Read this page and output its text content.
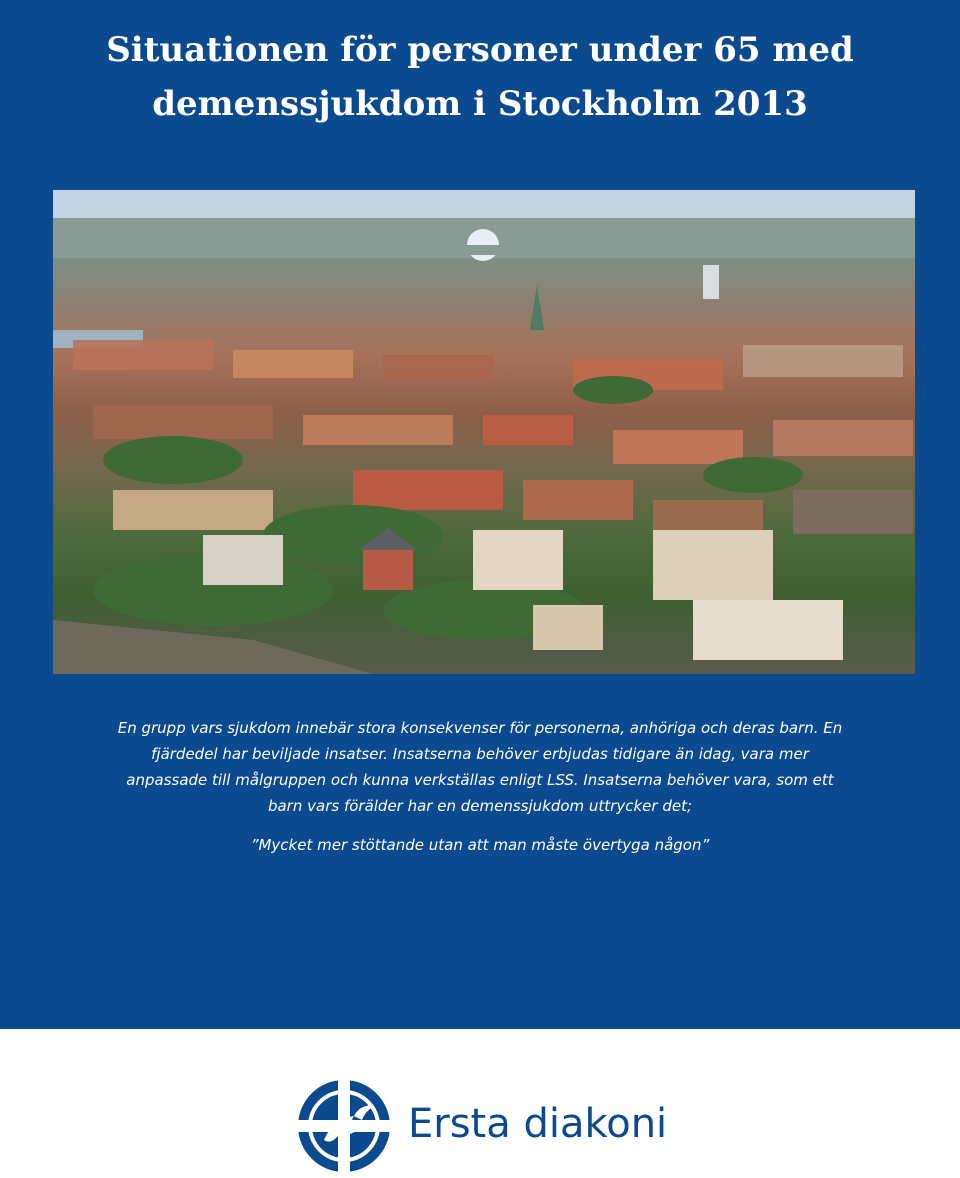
Situationen för personer under 65 med
demenssjukdom i Stockholm 2013

En grupp vars sjukdom innebär stora konsekvenser för personerna, anhöriga och deras barn. En fjärdedel har beviljade insatser. Insatserna behöver erbjudas tidigare än idag, vara mer anpassade till målgruppen och kunna verkställas enligt LSS. Insatserna behöver vara, som ett barn vars förälder har en demenssjukdom uttrycker det;

”Mycket mer stöttande utan att man måste övertyga någon”

Ersta diakoni
